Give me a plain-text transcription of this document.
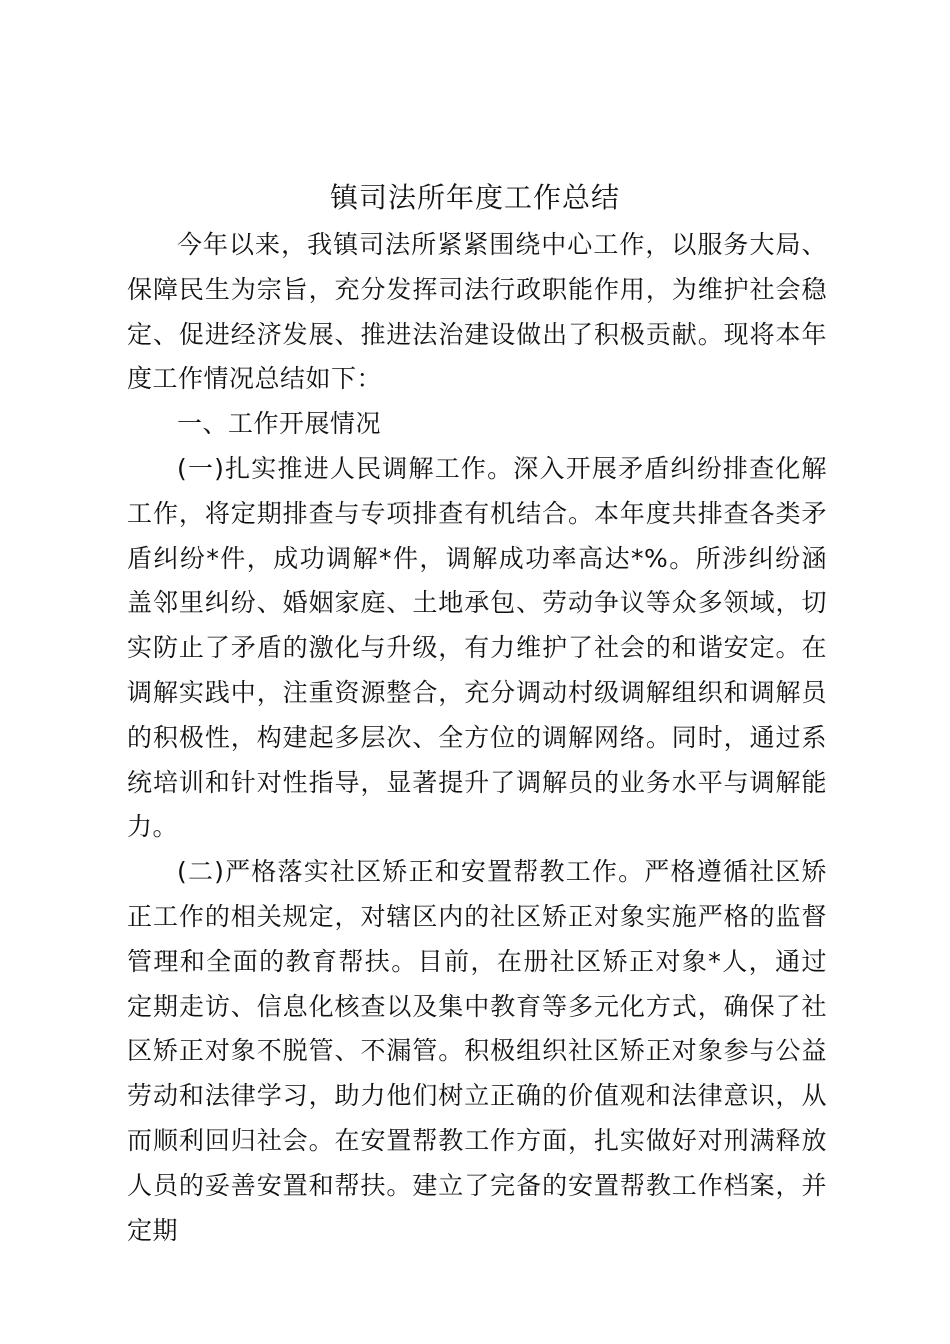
镇司法所年度工作总结

今年以来，我镇司法所紧紧围绕中心工作，以服务大局、保障民生为宗旨，充分发挥司法行政职能作用，为维护社会稳定、促进经济发展、推进法治建设做出了积极贡献。现将本年度工作情况总结如下：

一、工作开展情况

(一)扎实推进人民调解工作。深入开展矛盾纠纷排查化解工作，将定期排查与专项排查有机结合。本年度共排查各类矛盾纠纷*件，成功调解*件，调解成功率高达*%。所涉纠纷涵盖邻里纠纷、婚姻家庭、土地承包、劳动争议等众多领域，切实防止了矛盾的激化与升级，有力维护了社会的和谐安定。在调解实践中，注重资源整合，充分调动村级调解组织和调解员的积极性，构建起多层次、全方位的调解网络。同时，通过系统培训和针对性指导，显著提升了调解员的业务水平与调解能力。

(二)严格落实社区矫正和安置帮教工作。严格遵循社区矫正工作的相关规定，对辖区内的社区矫正对象实施严格的监督管理和全面的教育帮扶。目前，在册社区矫正对象*人，通过定期走访、信息化核查以及集中教育等多元化方式，确保了社区矫正对象不脱管、不漏管。积极组织社区矫正对象参与公益劳动和法律学习，助力他们树立正确的价值观和法律意识，从而顺利回归社会。在安置帮教工作方面，扎实做好对刑满释放人员的妥善安置和帮扶。建立了完备的安置帮教工作档案，并定期
